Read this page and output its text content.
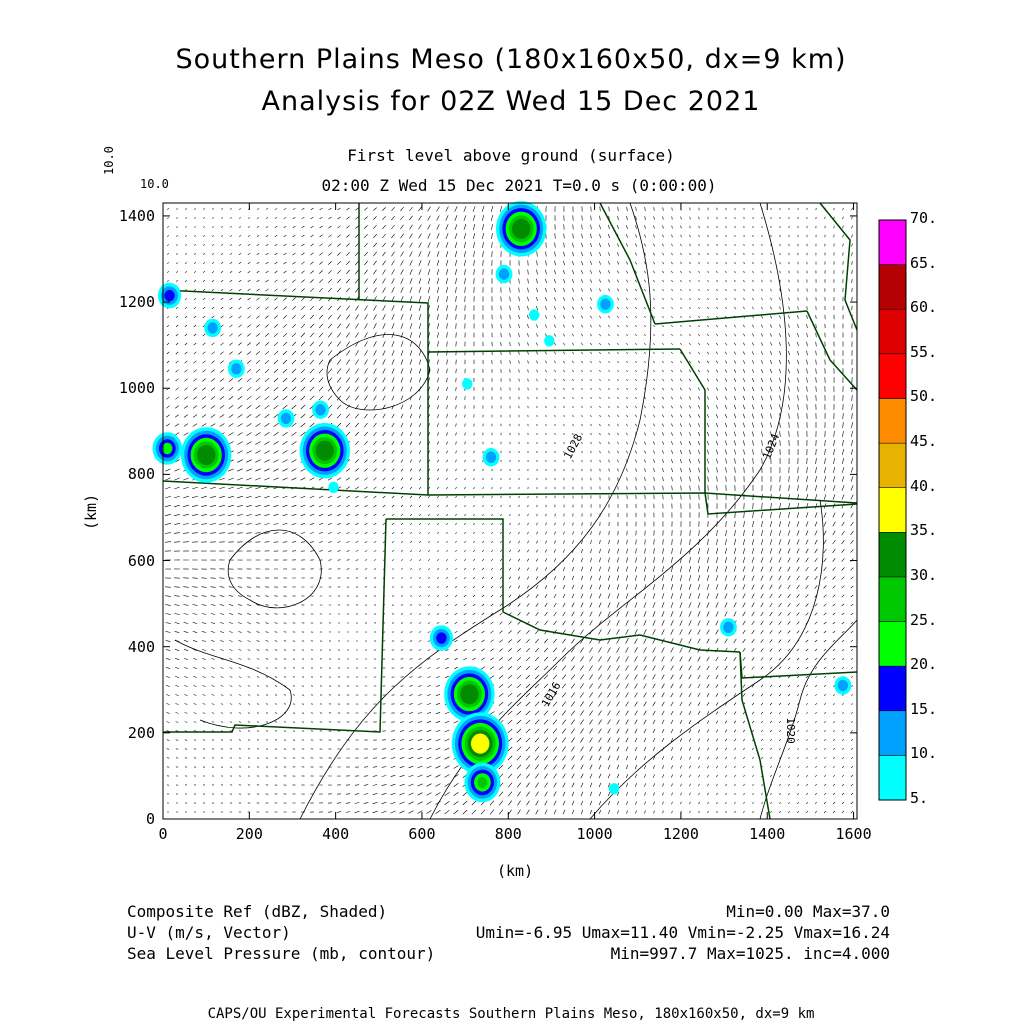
Southern Plains Meso (180x160x50, dx=9 km)
Analysis for 02Z Wed 15 Dec 2021
First level above ground (surface)
02:00 Z Wed 15 Dec 2021 T=0.0 s (0:00:00)
10.0
10.0
0	200	400	600	800	1000	1200	1400	1600
0
200
400
600
800
1000
1200
1400
5.
10.
15.
20.
25.
30.
35.
40.
45.
50.
55.
60.
65.
70.
(km)
(km)
1028	1024
1016
1020
Composite Ref (dBZ, Shaded)	Min=0.00 Max=37.0
U-V (m/s, Vector)	Umin=-6.95 Umax=11.40 Vmin=-2.25 Vmax=16.24
Sea Level Pressure (mb, contour)	Min=997.7 Max=1025. inc=4.000
CAPS/OU Experimental Forecasts Southern Plains Meso, 180x160x50, dx=9 km
